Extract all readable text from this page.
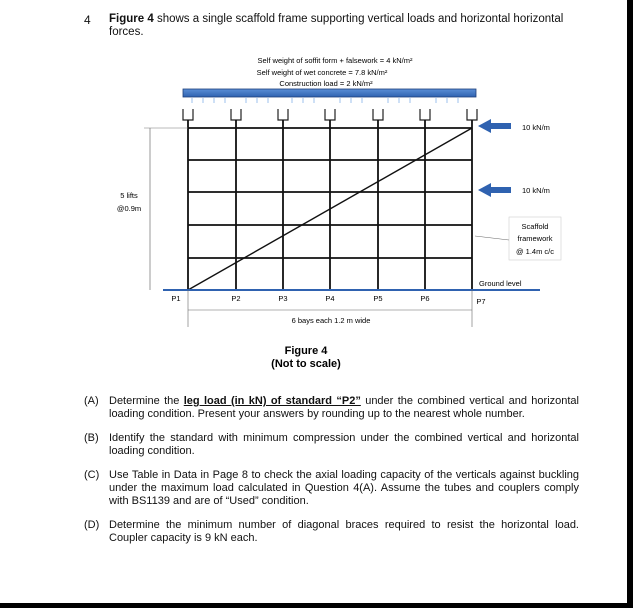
4 Figure 4 shows a single scaffold frame supporting vertical loads and horizontal horizontal forces.
Self weight of soffit form + falsework = 4 kN/m²
Self weight of wet concrete = 7.8 kN/m²
Construction load = 2 kN/m²
5 lifts
@0.9m
10 kN/m
10 kN/m
Scaffold
framework
@ 1.4m c/c
Ground level
P1	P2	P3	P4	P5	P6	P7
6 bays each 1.2 m wide
Figure 4
(Not to scale)
(A) Determine the leg load (in kN) of standard “P2” under the combined vertical and horizontal loading condition. Present your answers by rounding up to the nearest whole number.
(B) Identify the standard with minimum compression under the combined vertical and horizontal loading condition.
(C) Use Table in Data in Page 8 to check the axial loading capacity of the verticals against buckling under the maximum load calculated in Question 4(A). Assume the tubes and couplers comply with BS1139 and are of “Used” condition.
(D) Determine the minimum number of diagonal braces required to resist the horizontal load. Coupler capacity is 9 kN each.
